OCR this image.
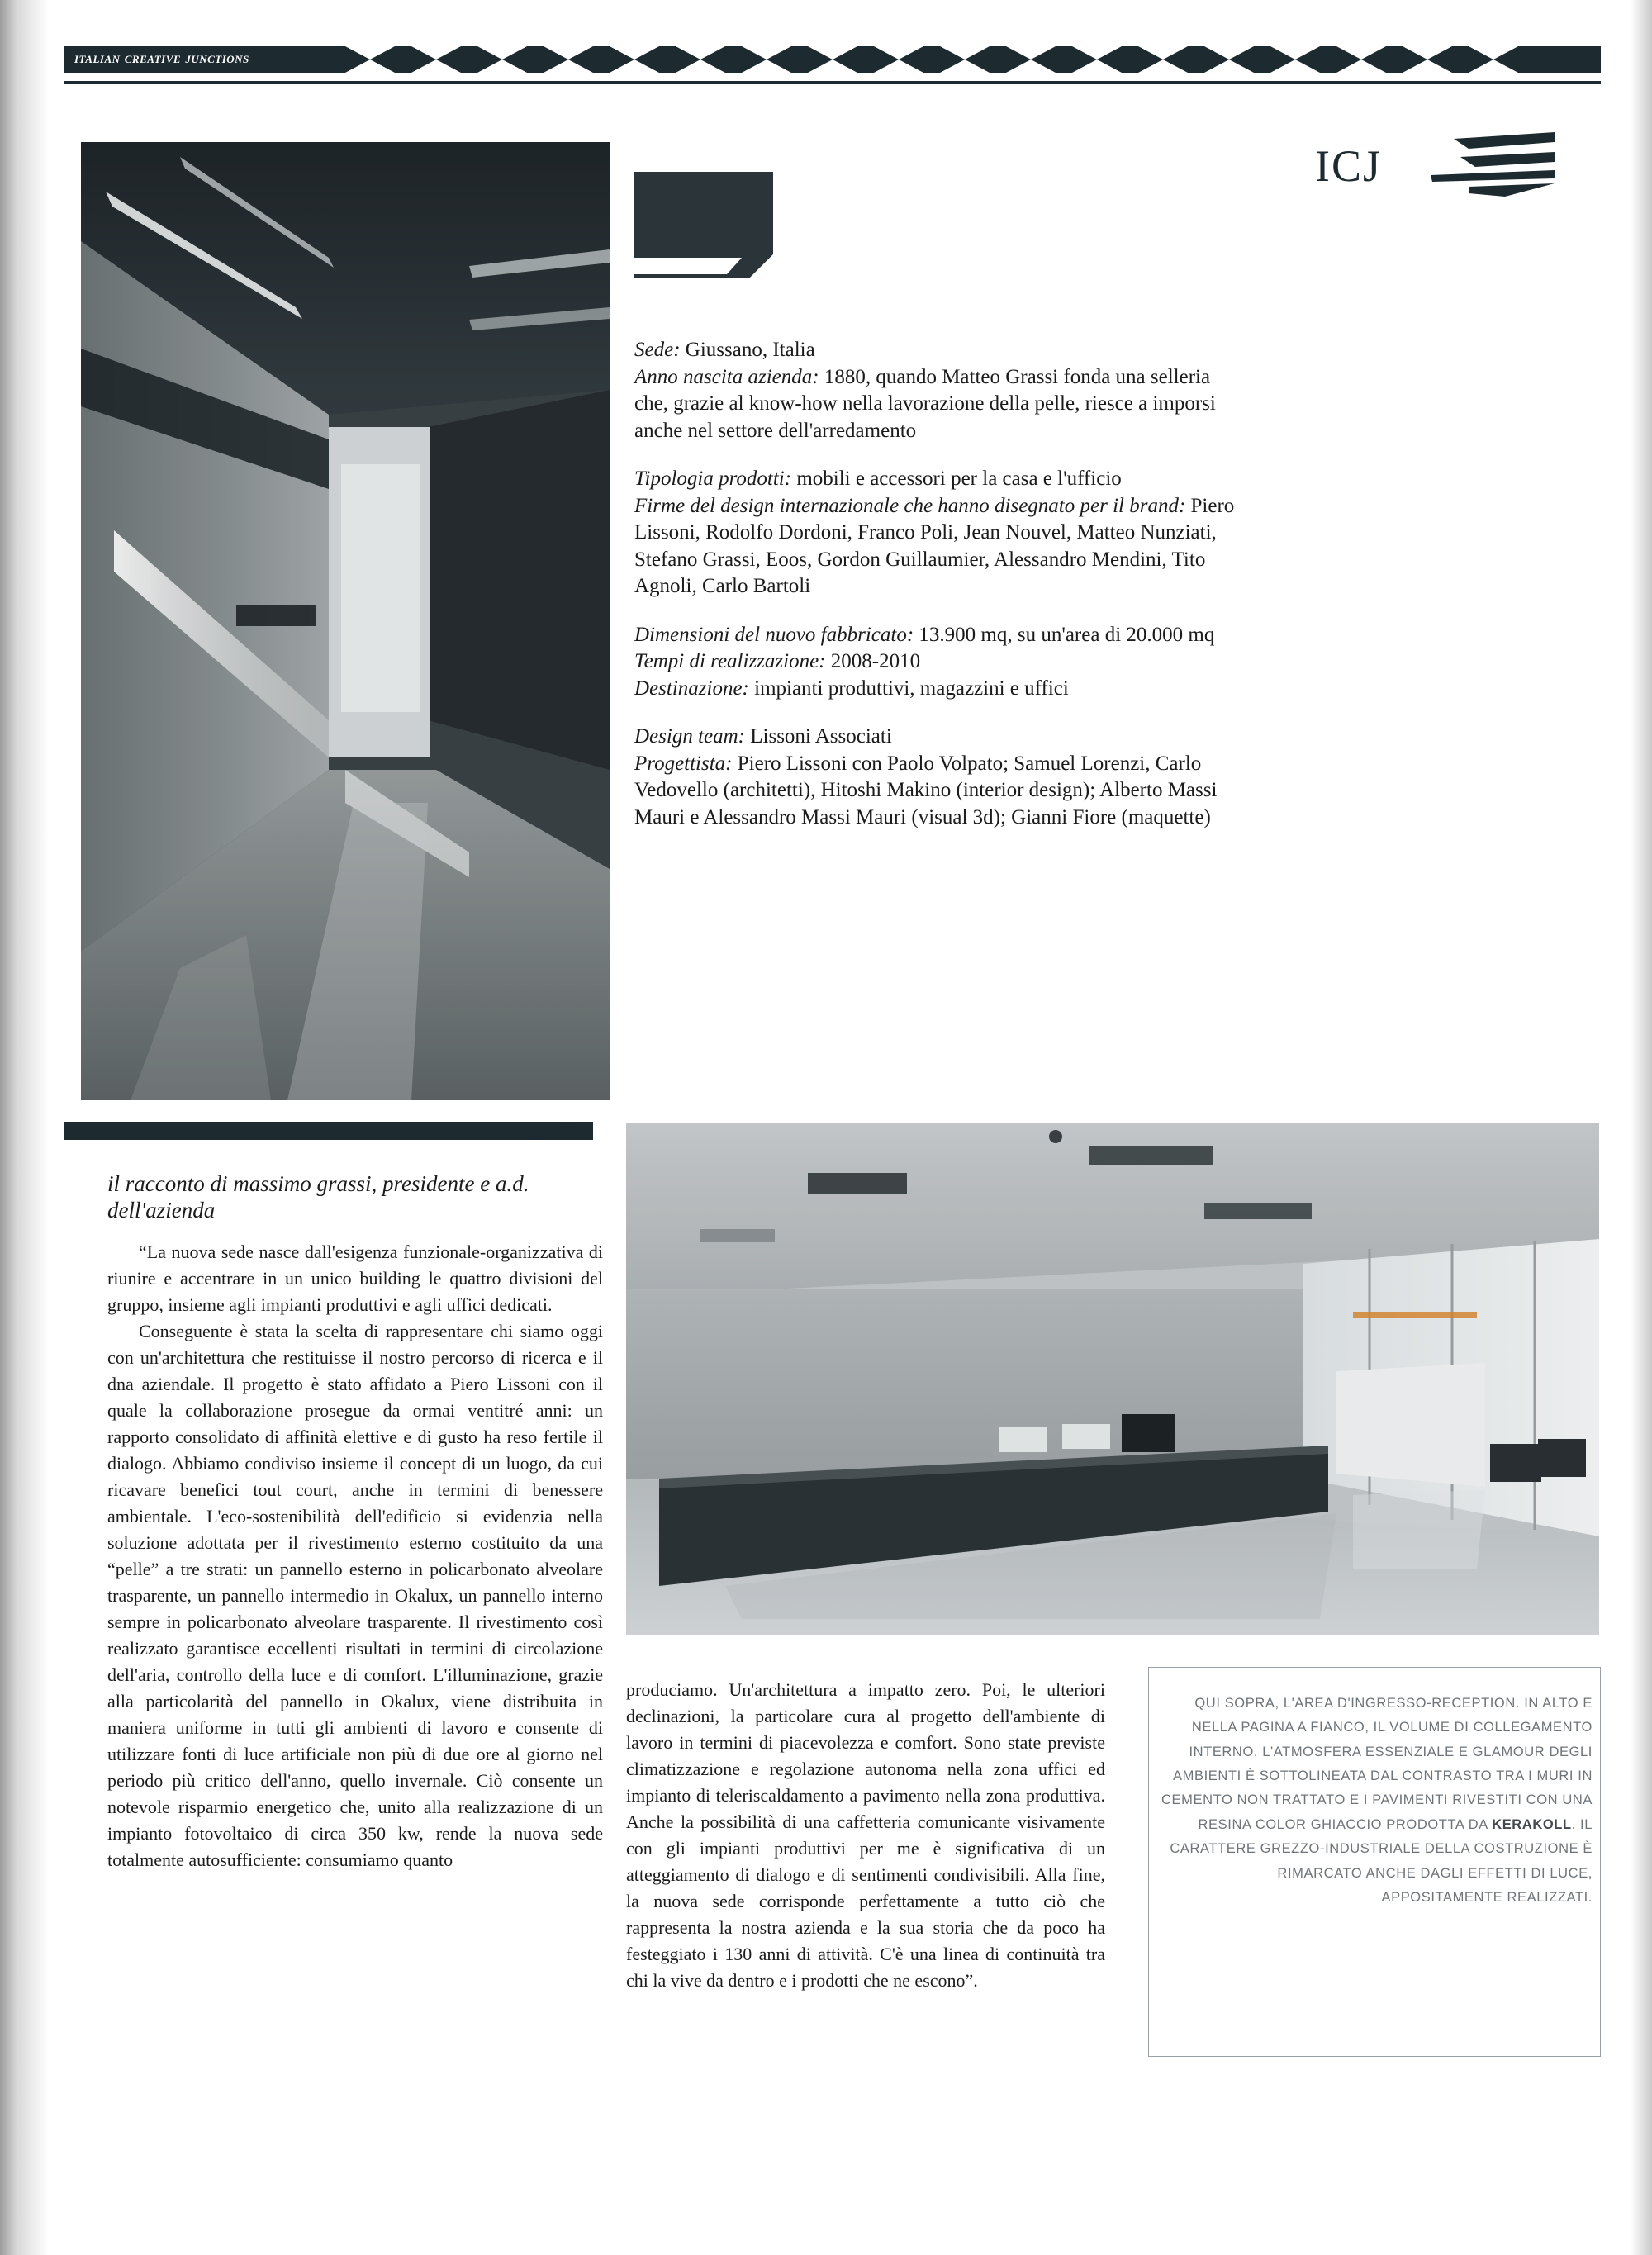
italian creative junctions
ICJ

Sede: Giussano, Italia
Anno nascita azienda: 1880, quando Matteo Grassi fonda una selleria che, grazie al know-how nella lavorazione della pelle, riesce a imporsi anche nel settore dell'arredamento

Tipologia prodotti: mobili e accessori per la casa e l'ufficio
Firme del design internazionale che hanno disegnato per il brand: Piero Lissoni, Rodolfo Dordoni, Franco Poli, Jean Nouvel, Matteo Nunziati, Stefano Grassi, Eoos, Gordon Guillaumier, Alessandro Mendini, Tito Agnoli, Carlo Bartoli

Dimensioni del nuovo fabbricato: 13.900 mq, su un'area di 20.000 mq
Tempi di realizzazione: 2008-2010
Destinazione: impianti produttivi, magazzini e uffici

Design team: Lissoni Associati
Progettista: Piero Lissoni con Paolo Volpato; Samuel Lorenzi, Carlo Vedovello (architetti), Hitoshi Makino (interior design); Alberto Massi Mauri e Alessandro Massi Mauri (visual 3d); Gianni Fiore (maquette)

il racconto di massimo grassi, presidente e a.d. dell'azienda

“La nuova sede nasce dall'esigenza funzionale-organizzativa di riunire e accentrare in un unico building le quattro divisioni del gruppo, insieme agli impianti produttivi e agli uffici dedicati.

Conseguente è stata la scelta di rappresentare chi siamo oggi con un'architettura che restituisse il nostro percorso di ricerca e il dna aziendale. Il progetto è stato affidato a Piero Lissoni con il quale la collaborazione prosegue da ormai ventitré anni: un rapporto consolidato di affinità elettive e di gusto ha reso fertile il dialogo. Abbiamo condiviso insieme il concept di un luogo, da cui ricavare benefici tout court, anche in termini di benessere ambientale. L'eco-sostenibilità dell'edificio si evidenzia nella soluzione adottata per il rivestimento esterno costituito da una “pelle” a tre strati: un pannello esterno in policarbonato alveolare trasparente, un pannello intermedio in Okalux, un pannello interno sempre in policarbonato alveolare trasparente. Il rivestimento così realizzato garantisce eccellenti risultati in termini di circolazione dell'aria, controllo della luce e di comfort. L'illuminazione, grazie alla particolarità del pannello in Okalux, viene distribuita in maniera uniforme in tutti gli ambienti di lavoro e consente di utilizzare fonti di luce artificiale non più di due ore al giorno nel periodo più critico dell'anno, quello invernale. Ciò consente un notevole risparmio energetico che, unito alla realizzazione di un impianto fotovoltaico di circa 350 kw, rende la nuova sede totalmente autosufficiente: consumiamo quanto

produciamo. Un'architettura a impatto zero. Poi, le ulteriori declinazioni, la particolare cura al progetto dell'ambiente di lavoro in termini di piacevolezza e comfort. Sono state previste climatizzazione e regolazione autonoma nella zona uffici ed impianto di teleriscaldamento a pavimento nella zona produttiva. Anche la possibilità di una caffetteria comunicante visivamente con gli impianti produttivi per me è significativa di un atteggiamento di dialogo e di sentimenti condivisibili. Alla fine, la nuova sede corrisponde perfettamente a tutto ciò che rappresenta la nostra azienda e la sua storia che da poco ha festeggiato i 130 anni di attività. C'è una linea di continuità tra chi la vive da dentro e i prodotti che ne escono”.

QUI SOPRA, L'AREA D'INGRESSO-RECEPTION. IN ALTO E NELLA PAGINA A FIANCO, IL VOLUME DI COLLEGAMENTO INTERNO. L'ATMOSFERA ESSENZIALE E GLAMOUR DEGLI AMBIENTI È SOTTOLINEATA DAL CONTRASTO TRA I MURI IN CEMENTO NON TRATTATO E I PAVIMENTI RIVESTITI CON UNA RESINA COLOR GHIACCIO PRODOTTA DA KERAKOLL. IL CARATTERE GREZZO-INDUSTRIALE DELLA COSTRUZIONE È RIMARCATO ANCHE DAGLI EFFETTI DI LUCE, APPOSITAMENTE REALIZZATI.
